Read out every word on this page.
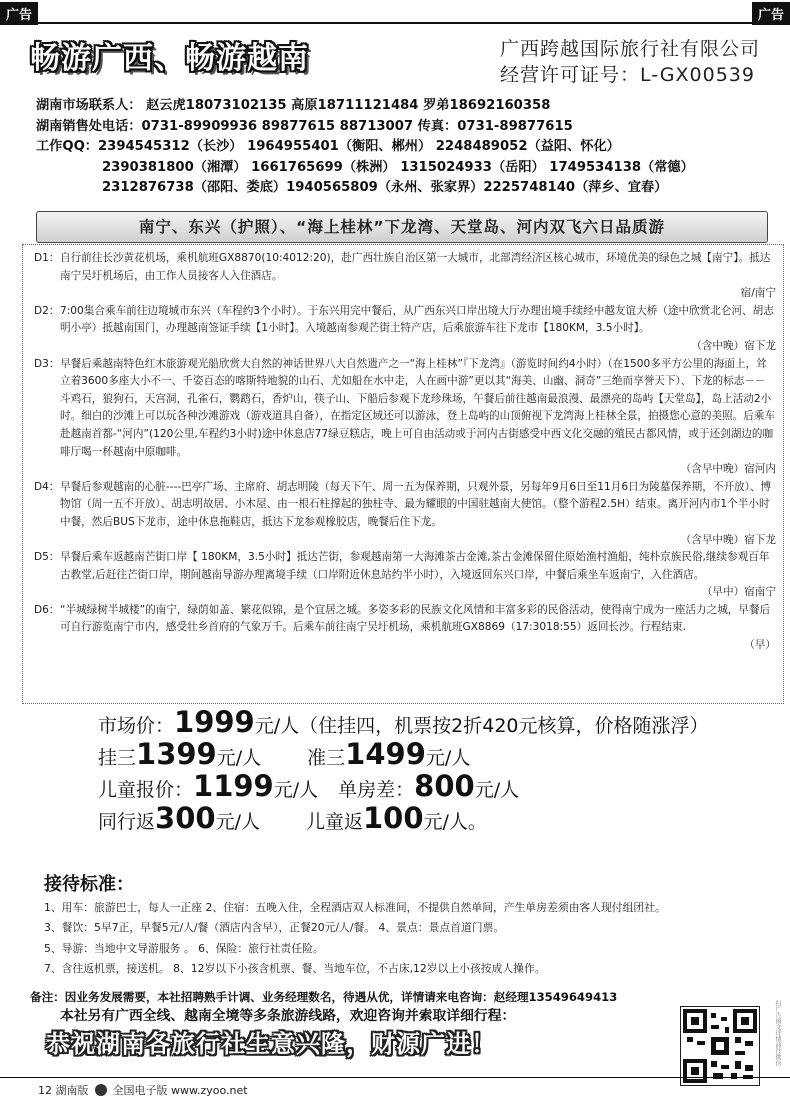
广告	广告
畅游广西、畅游越南	广西跨越国际旅行社有限公司
经营许可证号：L-GX00539
湖南市场联系人： 赵云虎18073102135 高原18711121484 罗弟18692160358
湖南销售处电话：0731-89909936 89877615 88713007 传真：0731-89877615
工作QQ：2394545312（长沙） 1964955401（衡阳、郴州） 2248489052（益阳、怀化）
2390381800（湘潭） 1661765699（株洲） 1315024933（岳阳） 1749534138（常德）
2312876738（邵阳、娄底）1940565809（永州、张家界）2225748140（萍乡、宜春）
南宁、东兴（护照）、“海上桂林”下龙湾、天堂岛、河内双飞六日品质游
D1： 自行前往长沙黄花机场，乘机航班GX8870(10:4012:20)，赴广西壮族自治区第一大城市，北部湾经济区核心城市，环境优美的绿色之城【南宁】。抵达南宁吴圩机场后，由工作人员接客人入住酒店。
宿/南宁
D2： 7:00集合乘车前往边境城市东兴（车程约3个小时）。于东兴用完中餐后，从广西东兴口岸出境大厅办理出境手续经中越友谊大桥（途中欣赏北仑河、胡志明小亭）抵越南国门，办理越南签证手续【1小时】。入境越南参观芒街土特产店，后乘旅游车往下龙市【180KM，3.5小时】。
（含中晚）宿下龙
D3： 早餐后乘越南特色红木旅游观光船欣赏大自然的神话世界八大自然遗产之一“海上桂林”『下龙湾』（游览时间约4小时）（在1500多平方公里的海面上，耸立着3600多座大小不一、千姿百态的喀斯特地貌的山石、尤如船在水中走，人在画中游”更以其“海美、山幽、洞奇”三绝而享誉天下）、下龙的标志－－斗鸡石，狼狗石，天宫洞，孔雀石，鹦鹉石，香炉山，筷子山、下船后参观下龙珍珠场，午餐后前往越南最浪漫、最漂亮的岛屿【天堂岛】，岛上活动2小时。细白的沙滩上可以玩各种沙滩游戏（游戏道具自备），在指定区域还可以游泳，登上岛屿的山顶俯视下龙湾海上桂林全景，拍摄您心意的美照。后乘车赴越南首都-“河内”(120公里,车程约3小时)途中休息店77绿豆糕店，晚上可自由活动或于河内古街感受中西文化交融的殖民古都风情，或于还剑湖边的咖啡厅喝一杯越南中原咖啡。
（含早中晚）宿河内
D4： 早餐后参观越南的心脏----巴亭广场、主席府、胡志明陵（每天下午、周一五为保养期，只观外景，另每年9月6日至11月6日为陵墓保养期，不开放）、博物馆（周一五不开放）、胡志明故居、小木屋、由一根石柱撑起的独柱寺、最为耀眼的中国驻越南大使馆。（整个游程2.5H）结束。离开河内市1个半小时中餐，然后BUS下龙市，途中休息拖鞋店，抵达下龙参观橡胶店，晚餐后住下龙。
（含早中晚）宿下龙
D5： 早餐后乘车返越南芒街口岸【 180KM，3.5小时】抵达芒街，参观越南第一大海滩茶古金滩,茶古金滩保留住原始渔村渔船，纯朴京族民俗,继续参观百年古教堂,后赶往芒街口岸，期间越南导游办理离境手续（口岸附近休息站约半小时），入境返回东兴口岸，中餐后乘坐车返南宁，入住酒店。
（早中）宿南宁
D6： “半城绿树半城楼”的南宁，绿荫如盖、繁花似锦，是个宜居之城。多姿多彩的民族文化风情和丰富多彩的民俗活动，使得南宁成为一座活力之城，早餐后可自行游览南宁市内，感受壮乡首府的气象万千。后乘车前往南宁吴圩机场，乘机航班GX8869（17:3018:55）返回长沙。行程结束.
（早）
市场价：1999元/人（住挂四，机票按2折420元核算，价格随涨浮）
挂三1399元/人 准三1499元/人
儿童报价：1199元/人 单房差：800元/人
同行返300元/人 儿童返100元/人。
接待标准：
1、用车：旅游巴士，每人一正座 2、住宿：五晚入住，全程酒店双人标准间，不提供自然单间，产生单房差须由客人现付组团社。
3、餐饮：5早7正，早餐5元/人/餐（酒店内含早），正餐20元/人/餐。 4、景点：景点首道门票。
5、导游：当地中文导游服务 。 6、保险：旅行社责任险。
7、含往返机票，接送机。 8、12岁以下小孩含机票、餐、当地车位，不占床,12岁以上小孩按成人操作。
备注：因业务发展需要，本社招聘熟手计调、业务经理数名，待遇从优，详情请来电咨询：赵经理13549649413
本社另有广西全线、越南全境等多条旅游线路，欢迎咨询并索取详细行程：
恭祝湖南各旅行社生意兴隆，财源广进！	扫广告图文详情前往微信
12 湖南版 全国电子版 www.zyoo.net
